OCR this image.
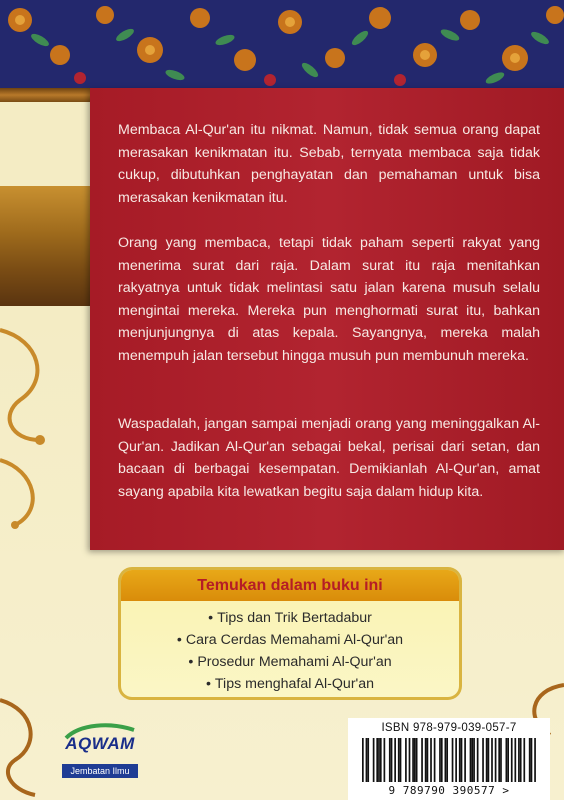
Membaca Al-Qur'an itu nikmat. Namun, tidak semua orang dapat merasakan kenikmatan itu. Sebab, ternyata membaca saja tidak cukup, dibutuhkan penghayatan dan pemahaman untuk bisa merasakan kenikmatan itu.

Orang yang membaca, tetapi tidak paham seperti rakyat yang menerima surat dari raja. Dalam surat itu raja menitahkan rakyatnya untuk tidak melintasi satu jalan karena musuh selalu mengintai mereka. Mereka pun menghormati surat itu, bahkan menjunjungnya di atas kepala. Sayangnya, mereka malah menempuh jalan tersebut hingga musuh pun membunuh mereka.

Waspadalah, jangan sampai menjadi orang yang meninggalkan Al-Qur'an. Jadikan Al-Qur'an sebagai bekal, perisai dari setan, dan bacaan di berbagai kesempatan. Demikianlah Al-Qur'an, amat sayang apabila kita lewatkan begitu saja dalam hidup kita.

Temukan dalam buku ini
• Tips dan Trik Bertadabur
• Cara Cerdas Memahami Al-Qur'an
• Prosedur Memahami Al-Qur'an
• Tips menghafal Al-Qur'an
AQWAM
Jembatan Ilmu
ISBN 978-979-039-057-7
9 789790 390577 >
